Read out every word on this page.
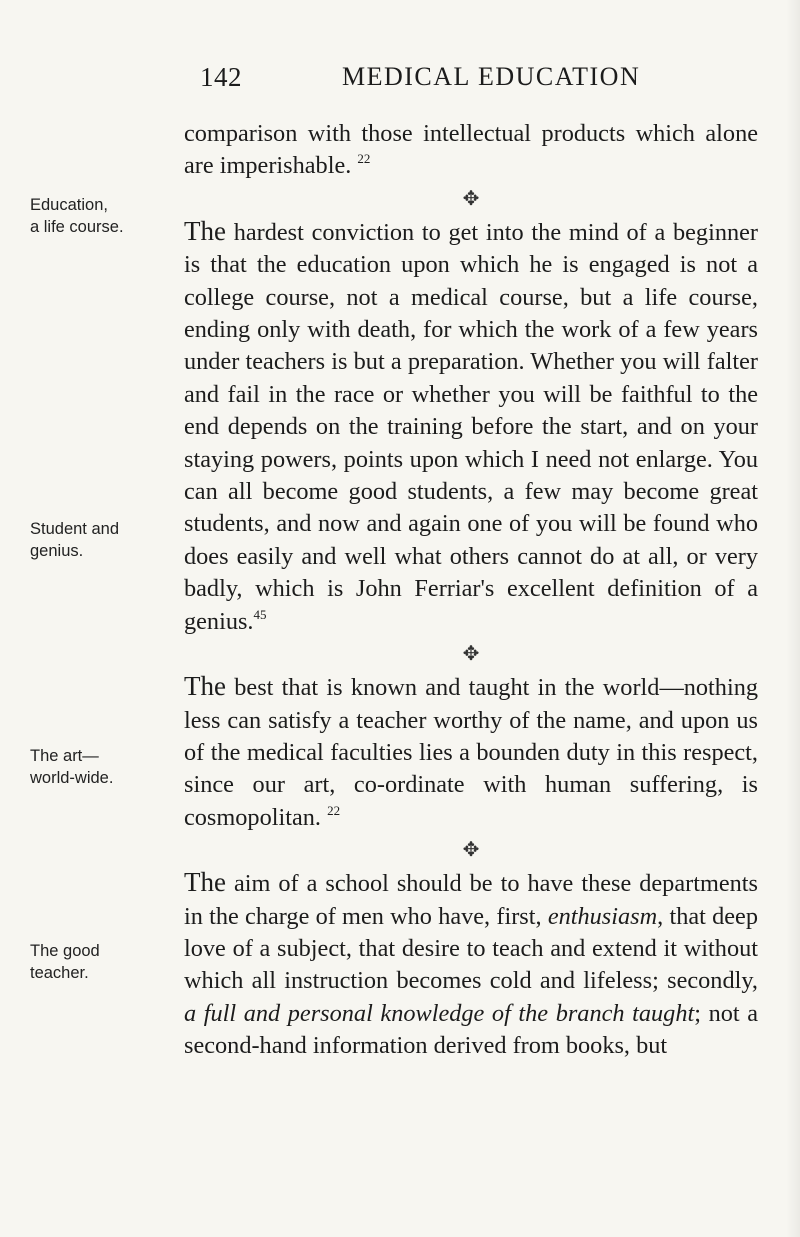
142	MEDICAL EDUCATION
Education,
a life course.
Student and
genius.
The art—
world-wide.
The good
teacher.

comparison with those intellectual products which alone are imperishable. $^{22}$

✥

The hardest conviction to get into the mind of a beginner is that the education upon which he is engaged is not a college course, not a medical course, but a life course, ending only with death, for which the work of a few years under teachers is but a preparation. Whether you will falter and fail in the race or whether you will be faithful to the end depends on the training before the start, and on your staying powers, points upon which I need not enlarge. You can all become good students, a few may become great students, and now and again one of you will be found who does easily and well what others cannot do at all, or very badly, which is John Ferriar's excellent definition of a genius.$^{45}$

✥

The best that is known and taught in the world—nothing less can satisfy a teacher worthy of the name, and upon us of the medical faculties lies a bounden duty in this respect, since our art, co-ordinate with human suffering, is cosmopolitan. $^{22}$

✥

The aim of a school should be to have these departments in the charge of men who have, first, enthusiasm, that deep love of a subject, that desire to teach and extend it without which all instruction becomes cold and lifeless; secondly, a full and personal knowledge of the branch taught; not a second-hand information derived from books, but
